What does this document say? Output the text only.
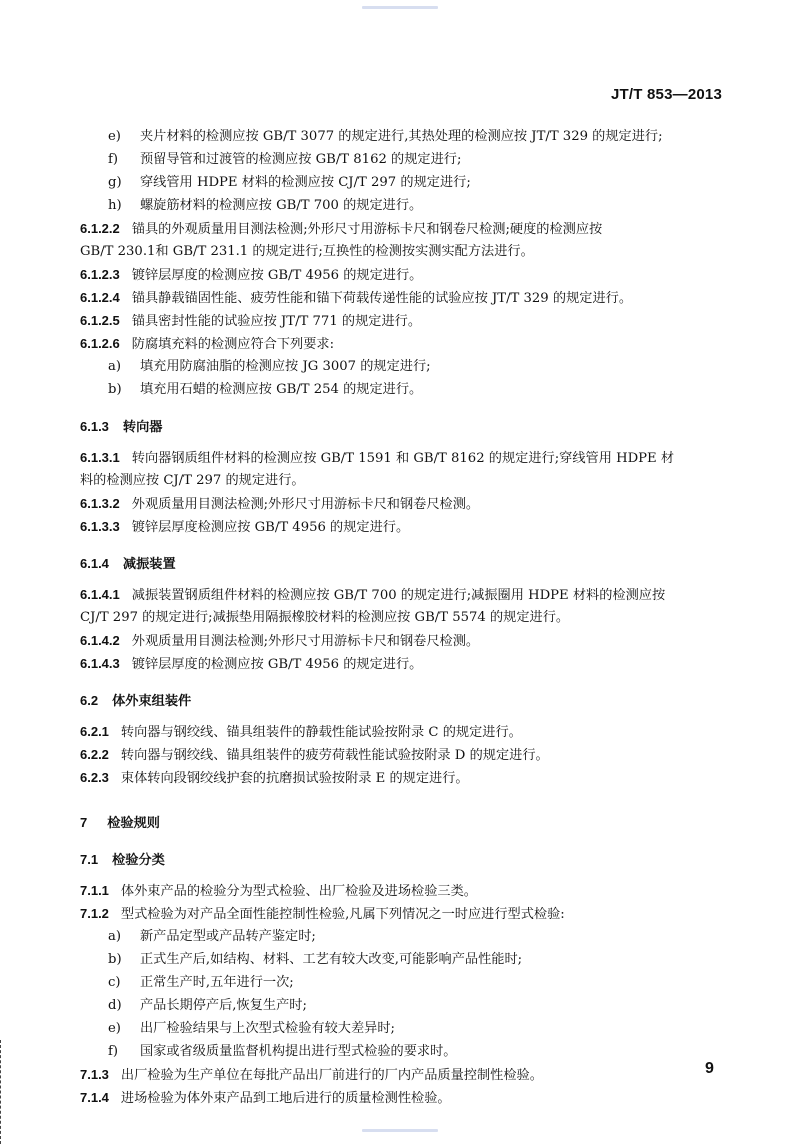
JT/T 853—2013
e) 夹片材料的检测应按 GB/T 3077 的规定进行,其热处理的检测应按 JT/T 329 的规定进行;
f) 预留导管和过渡管的检测应按 GB/T 8162 的规定进行;
g) 穿线管用 HDPE 材料的检测应按 CJ/T 297 的规定进行;
h) 螺旋筋材料的检测应按 GB/T 700 的规定进行。
6.1.2.2 锚具的外观质量用目测法检测;外形尺寸用游标卡尺和钢卷尺检测;硬度的检测应按
GB/T 230.1和 GB/T 231.1 的规定进行;互换性的检测按实测实配方法进行。
6.1.2.3 镀锌层厚度的检测应按 GB/T 4956 的规定进行。
6.1.2.4 锚具静载锚固性能、疲劳性能和锚下荷载传递性能的试验应按 JT/T 329 的规定进行。
6.1.2.5 锚具密封性能的试验应按 JT/T 771 的规定进行。
6.1.2.6 防腐填充料的检测应符合下列要求:
a) 填充用防腐油脂的检测应按 JG 3007 的规定进行;
b) 填充用石蜡的检测应按 GB/T 254 的规定进行。
6.1.3 转向器
6.1.3.1 转向器钢质组件材料的检测应按 GB/T 1591 和 GB/T 8162 的规定进行;穿线管用 HDPE 材
料的检测应按 CJ/T 297 的规定进行。
6.1.3.2 外观质量用目测法检测;外形尺寸用游标卡尺和钢卷尺检测。
6.1.3.3 镀锌层厚度检测应按 GB/T 4956 的规定进行。
6.1.4 减振装置
6.1.4.1 减振装置钢质组件材料的检测应按 GB/T 700 的规定进行;减振圈用 HDPE 材料的检测应按
CJ/T 297 的规定进行;减振垫用隔振橡胶材料的检测应按 GB/T 5574 的规定进行。
6.1.4.2 外观质量用目测法检测;外形尺寸用游标卡尺和钢卷尺检测。
6.1.4.3 镀锌层厚度的检测应按 GB/T 4956 的规定进行。
6.2 体外束组装件
6.2.1 转向器与钢绞线、锚具组装件的静载性能试验按附录 C 的规定进行。
6.2.2 转向器与钢绞线、锚具组装件的疲劳荷载性能试验按附录 D 的规定进行。
6.2.3 束体转向段钢绞线护套的抗磨损试验按附录 E 的规定进行。
7 检验规则
7.1 检验分类
7.1.1 体外束产品的检验分为型式检验、出厂检验及进场检验三类。
7.1.2 型式检验为对产品全面性能控制性检验,凡属下列情况之一时应进行型式检验:
a) 新产品定型或产品转产鉴定时;
b) 正式生产后,如结构、材料、工艺有较大改变,可能影响产品性能时;
c) 正常生产时,五年进行一次;
d) 产品长期停产后,恢复生产时;
e) 出厂检验结果与上次型式检验有较大差异时;
f) 国家或省级质量监督机构提出进行型式检验的要求时。
7.1.3 出厂检验为生产单位在每批产品出厂前进行的厂内产品质量控制性检验。
7.1.4 进场检验为体外束产品到工地后进行的质量检测性检验。
9
